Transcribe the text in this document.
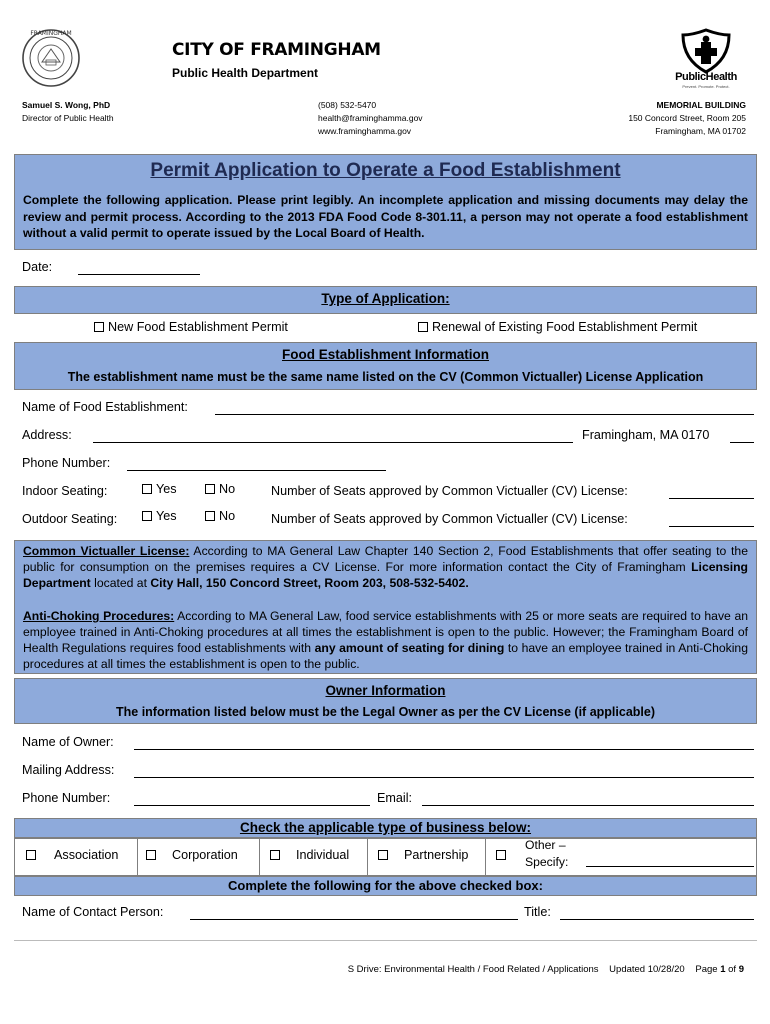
FRAMINGHAM
CITY OF FRAMINGHAM
Public Health Department	PublicHealth
Prevent. Promote. Protect.
Samuel S. Wong, PhD
Director of Public Health
(508) 532-5470
health@framinghamma.gov
www.framinghamma.gov
MEMORIAL BUILDING
150 Concord Street, Room 205
Framingham, MA 01702
Permit Application to Operate a Food Establishment
Complete the following application. Please print legibly. An incomplete application and missing documents may delay the review and permit process. According to the 2013 FDA Food Code 8-301.11, a person may not operate a food establishment without a valid permit to operate issued by the Local Board of Health.
Date:
Type of Application:
New Food Establishment Permit	Renewal of Existing Food Establishment Permit
Food Establishment Information
The establishment name must be the same name listed on the CV (Common Victualler) License Application
Name of Food Establishment:
Address:	Framingham, MA 0170
Phone Number:
Indoor Seating:	Yes	No	Number of Seats approved by Common Victualler (CV) License:
Outdoor Seating:	Yes	No	Number of Seats approved by Common Victualler (CV) License:
Common Victualler License: According to MA General Law Chapter 140 Section 2, Food Establishments that offer seating to the public for consumption on the premises requires a CV License. For more information contact the City of Framingham Licensing Department located at City Hall, 150 Concord Street, Room 203, 508-532-5402.
Anti-Choking Procedures: According to MA General Law, food service establishments with 25 or more seats are required to have an employee trained in Anti-Choking procedures at all times the establishment is open to the public. However; the Framingham Board of Health Regulations requires food establishments with any amount of seating for dining to have an employee trained in Anti-Choking procedures at all times the establishment is open to the public.
Owner Information
The information listed below must be the Legal Owner as per the CV License (if applicable)
Name of Owner:
Mailing Address:
Phone Number:	Email:
Check the applicable type of business below:
Association	Corporation	Individual	Partnership
Other –
Specify:
Complete the following for the above checked box:
Name of Contact Person:	Title:
S Drive: Environmental Health / Food Related / Applications Updated 10/28/20 Page 1 of 9
